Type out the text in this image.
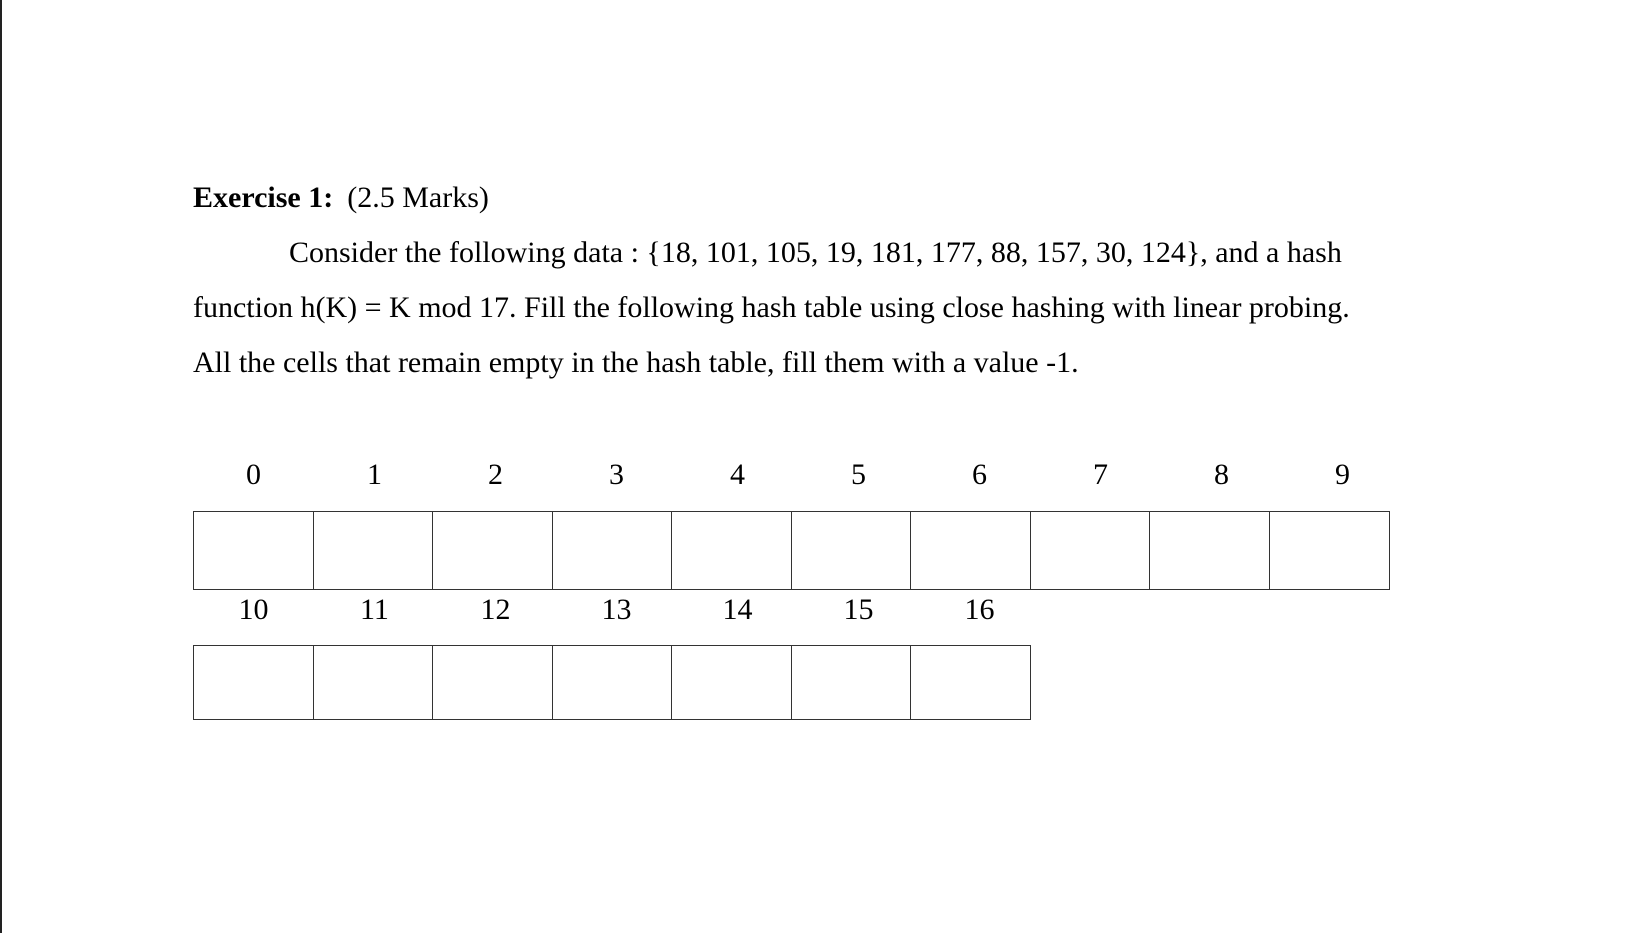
Exercise 1: (2.5 Marks)
Consider the following data : {18, 101, 105, 19, 181, 177, 88, 157, 30, 124}, and a hash
function h(K) = K mod 17. Fill the following hash table using close hashing with linear probing.
All the cells that remain empty in the hash table, fill them with a value -1.
0	1	2	3	4	5	6	7	8	9
10	11	12	13	14	15	16
